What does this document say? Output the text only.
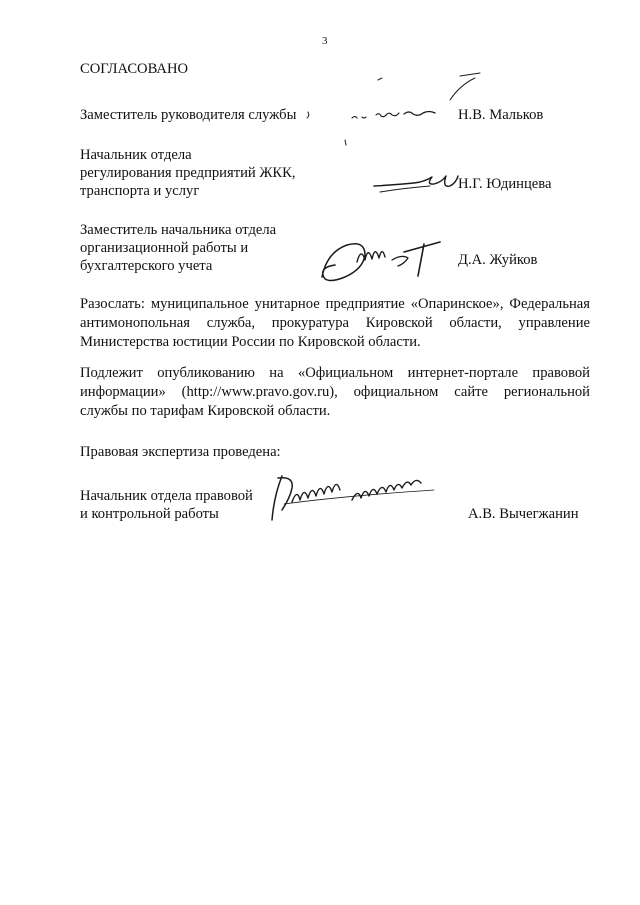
3
СОГЛАСОВАНО
Заместитель руководителя службы	Н.В. Мальков
Начальник отдела
регулирования предприятий ЖКК,
транспорта и услуг	Н.Г. Юдинцева
Заместитель начальника отдела
организационной работы и
бухгалтерского учета	Д.А. Жуйков
Разослать: муниципальное унитарное предприятие «Опаринское», Федеральная антимонопольная служба, прокуратура Кировской области, управление Министерства юстиции России по Кировской области.
Подлежит опубликованию на «Официальном интернет-портале правовой информации» (http://www.pravo.gov.ru), официальном сайте региональной службы по тарифам Кировской области.
Правовая экспертиза проведена:
Начальник отдела правовой
и контрольной работы	А.В. Вычегжанин
